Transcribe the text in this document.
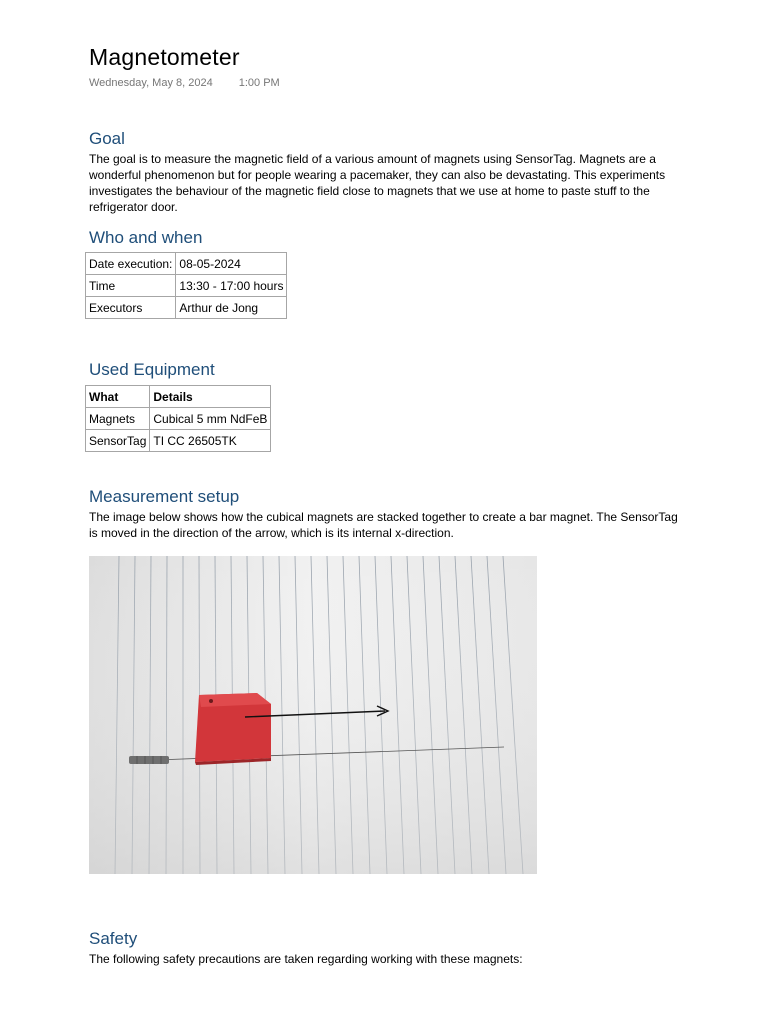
Magnetometer
Wednesday, May 8, 2024 1:00 PM
Goal

The goal is to measure the magnetic field of a various amount of magnets using SensorTag. Magnets are a wonderful phenomenon but for people wearing a pacemaker, they can also be devastating. This experiments investigates the behaviour of the magnetic field close to magnets that we use at home to paste stuff to the refrigerator door.

Who and when
Date execution:	08-05-2024
Time	13:30 - 17:00 hours
Executors	Arthur de Jong
Used Equipment
What	Details
Magnets	Cubical 5 mm NdFeB
SensorTag	TI CC 26505TK
Measurement setup

The image below shows how the cubical magnets are stacked together to create a bar magnet. The SensorTag is moved in the direction of the arrow, which is its internal x-direction.

Safety

The following safety precautions are taken regarding working with these magnets:
